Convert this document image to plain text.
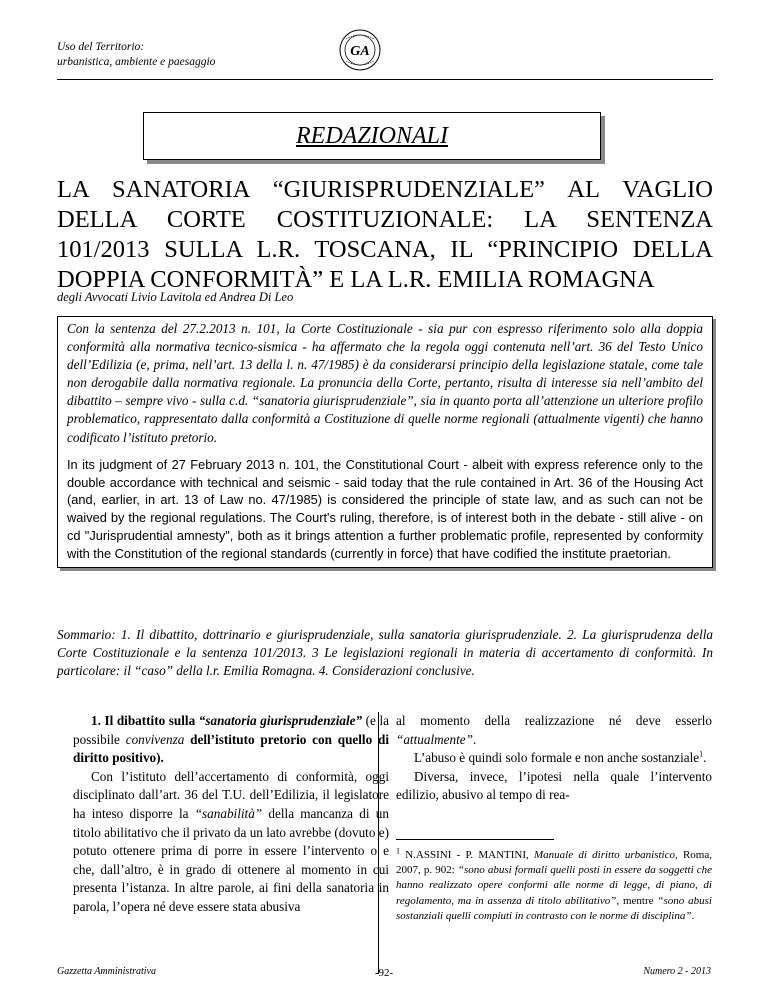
Uso del Territorio:
urbanistica, ambiente e paesaggio
GA
REDAZIONALI
LA SANATORIA “GIURISPRUDENZIALE” AL VAGLIO
DELLA CORTE COSTITUZIONALE: LA SENTENZA
101/2013 SULLA L.R. TOSCANA, IL “PRINCIPIO DELLA
DOPPIA CONFORMITÀ” E LA L.R. EMILIA ROMAGNA
degli Avvocati Livio Lavitola ed Andrea Di Leo
Con la sentenza del 27.2.2013 n. 101, la Corte Costituzionale - sia pur con espresso riferimento solo alla doppia conformità alla normativa tecnico-sismica - ha affermato che la regola oggi contenuta nell’art. 36 del Testo Unico dell’Edilizia (e, prima, nell’art. 13 della l. n. 47/1985) è da considerarsi principio della legislazione statale, come tale non derogabile dalla normativa regionale. La pronuncia della Corte, pertanto, risulta di interesse sia nell’ambito del dibattito – sempre vivo - sulla c.d. “sanatoria giurisprudenziale”, sia in quanto porta all’attenzione un ulteriore profilo problematico, rappresentato dalla conformità a Costituzione di quelle norme regionali (attualmente vigenti) che hanno codificato l’istituto pretorio.
In its judgment of 27 February 2013 n. 101, the Constitutional Court - albeit with express reference only to the double accordance with technical and seismic - said today that the rule contained in Art. 36 of the Housing Act (and, earlier, in art. 13 of Law no. 47/1985) is considered the principle of state law, and as such can not be waived by the regional regulations. The Court's ruling, therefore, is of interest both in the debate - still alive - on cd "Jurisprudential amnesty", both as it brings attention a further problematic profile, represented by conformity with the Constitution of the regional standards (currently in force) that have codified the institute praetorian.
Sommario: 1. Il dibattito, dottrinario e giurisprudenziale, sulla sanatoria giurisprudenziale. 2. La giurisprudenza della Corte Costituzionale e la sentenza 101/2013. 3 Le legislazioni regionali in materia di accertamento di conformità. In particolare: il “caso” della l.r. Emilia Romagna. 4. Considerazioni conclusive.

1. Il dibattito sulla “sanatoria giurisprudenziale” (e la possibile convivenza dell’istituto pretorio con quello di diritto positivo).

Con l’istituto dell’accertamento di conformità, oggi disciplinato dall’art. 36 del T.U. dell’Edilizia, il legislatore ha inteso disporre la “sanabilità” della mancanza di un titolo abilitativo che il privato da un lato avrebbe (dovuto e) potuto ottenere prima di porre in essere l’intervento o e che, dall’altro, è in grado di ottenere al momento in cui presenta l’istanza. In altre parole, ai fini della sanatoria in parola, l’opera né deve essere stata abusiva

al momento della realizzazione né deve esserlo “attualmente”.

L’abuso è quindi solo formale e non anche sostanziale$^1$.

Diversa, invece, l’ipotesi nella quale l’intervento edilizio, abusivo al tempo di rea-

$^1$ N.ASSINI - P. MANTINI, Manuale di diritto urbanistico, Roma, 2007, p. 902: “sono abusi formali quelli posti in essere da soggetti che hanno realizzato opere conformi alle norme di legge, di piano, di regolamento, ma in assenza di titolo abilitativo”, mentre “sono abusi sostanziali quelli compiuti in contrasto con le norme di disciplina”.
Gazzetta Amministrativa	-92-	Numero 2 - 2013
